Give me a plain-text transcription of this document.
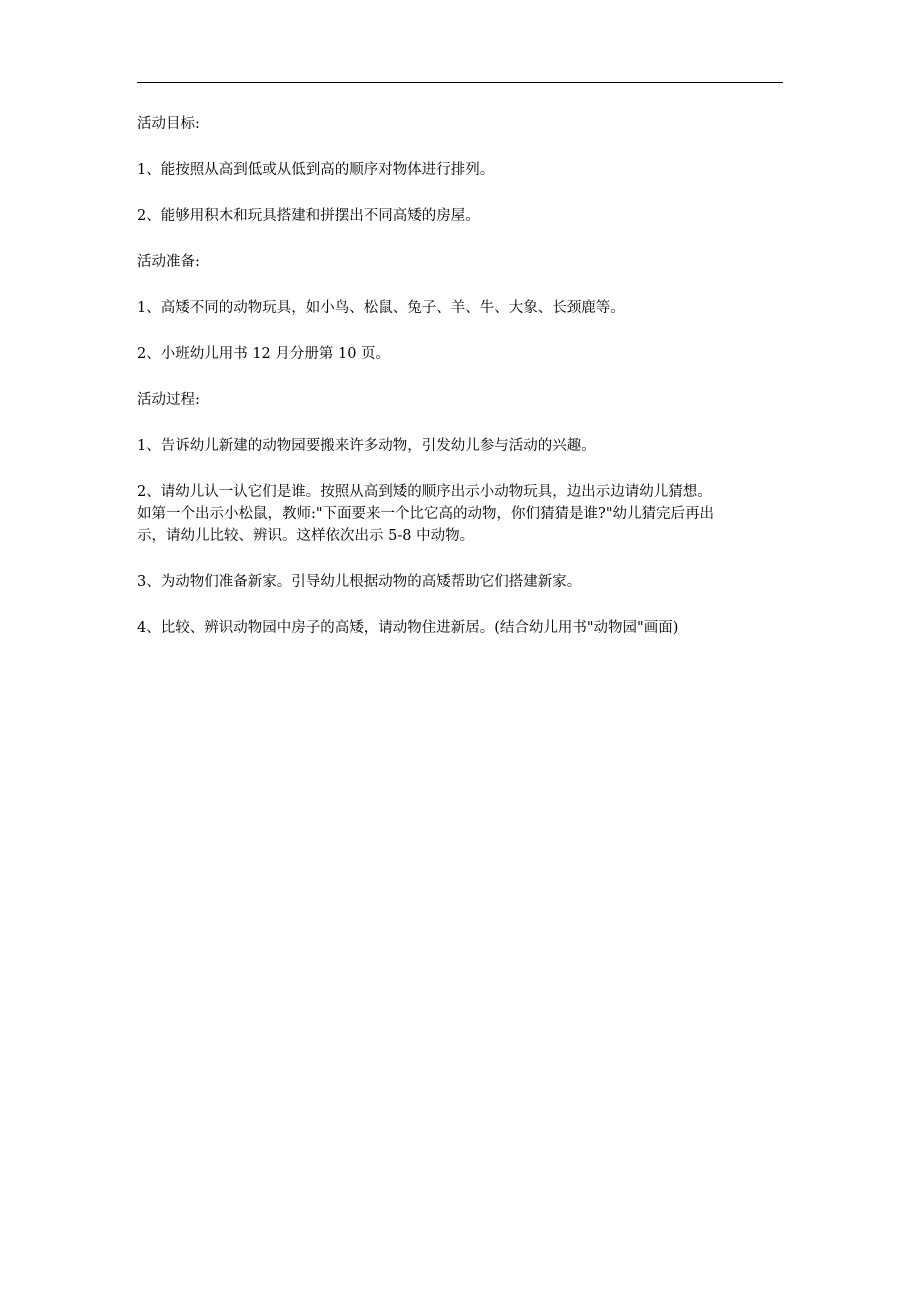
活动目标:

1、能按照从高到低或从低到高的顺序对物体进行排列。

2、能够用积木和玩具搭建和拼摆出不同高矮的房屋。

活动准备:

1、高矮不同的动物玩具，如小鸟、松鼠、兔子、羊、牛、大象、长颈鹿等。

2、小班幼儿用书 12 月分册第 10 页。

活动过程:

1、告诉幼儿新建的动物园要搬来许多动物，引发幼儿参与活动的兴趣。

2、请幼儿认一认它们是谁。按照从高到矮的顺序出示小动物玩具，边出示边请幼儿猜想。
如第一个出示小松鼠，教师:"下面要来一个比它高的动物，你们猜猜是谁?"幼儿猜完后再出
示，请幼儿比较、辨识。这样依次出示 5-8 中动物。

3、为动物们准备新家。引导幼儿根据动物的高矮帮助它们搭建新家。

4、比较、辨识动物园中房子的高矮，请动物住进新居。(结合幼儿用书"动物园"画面)
